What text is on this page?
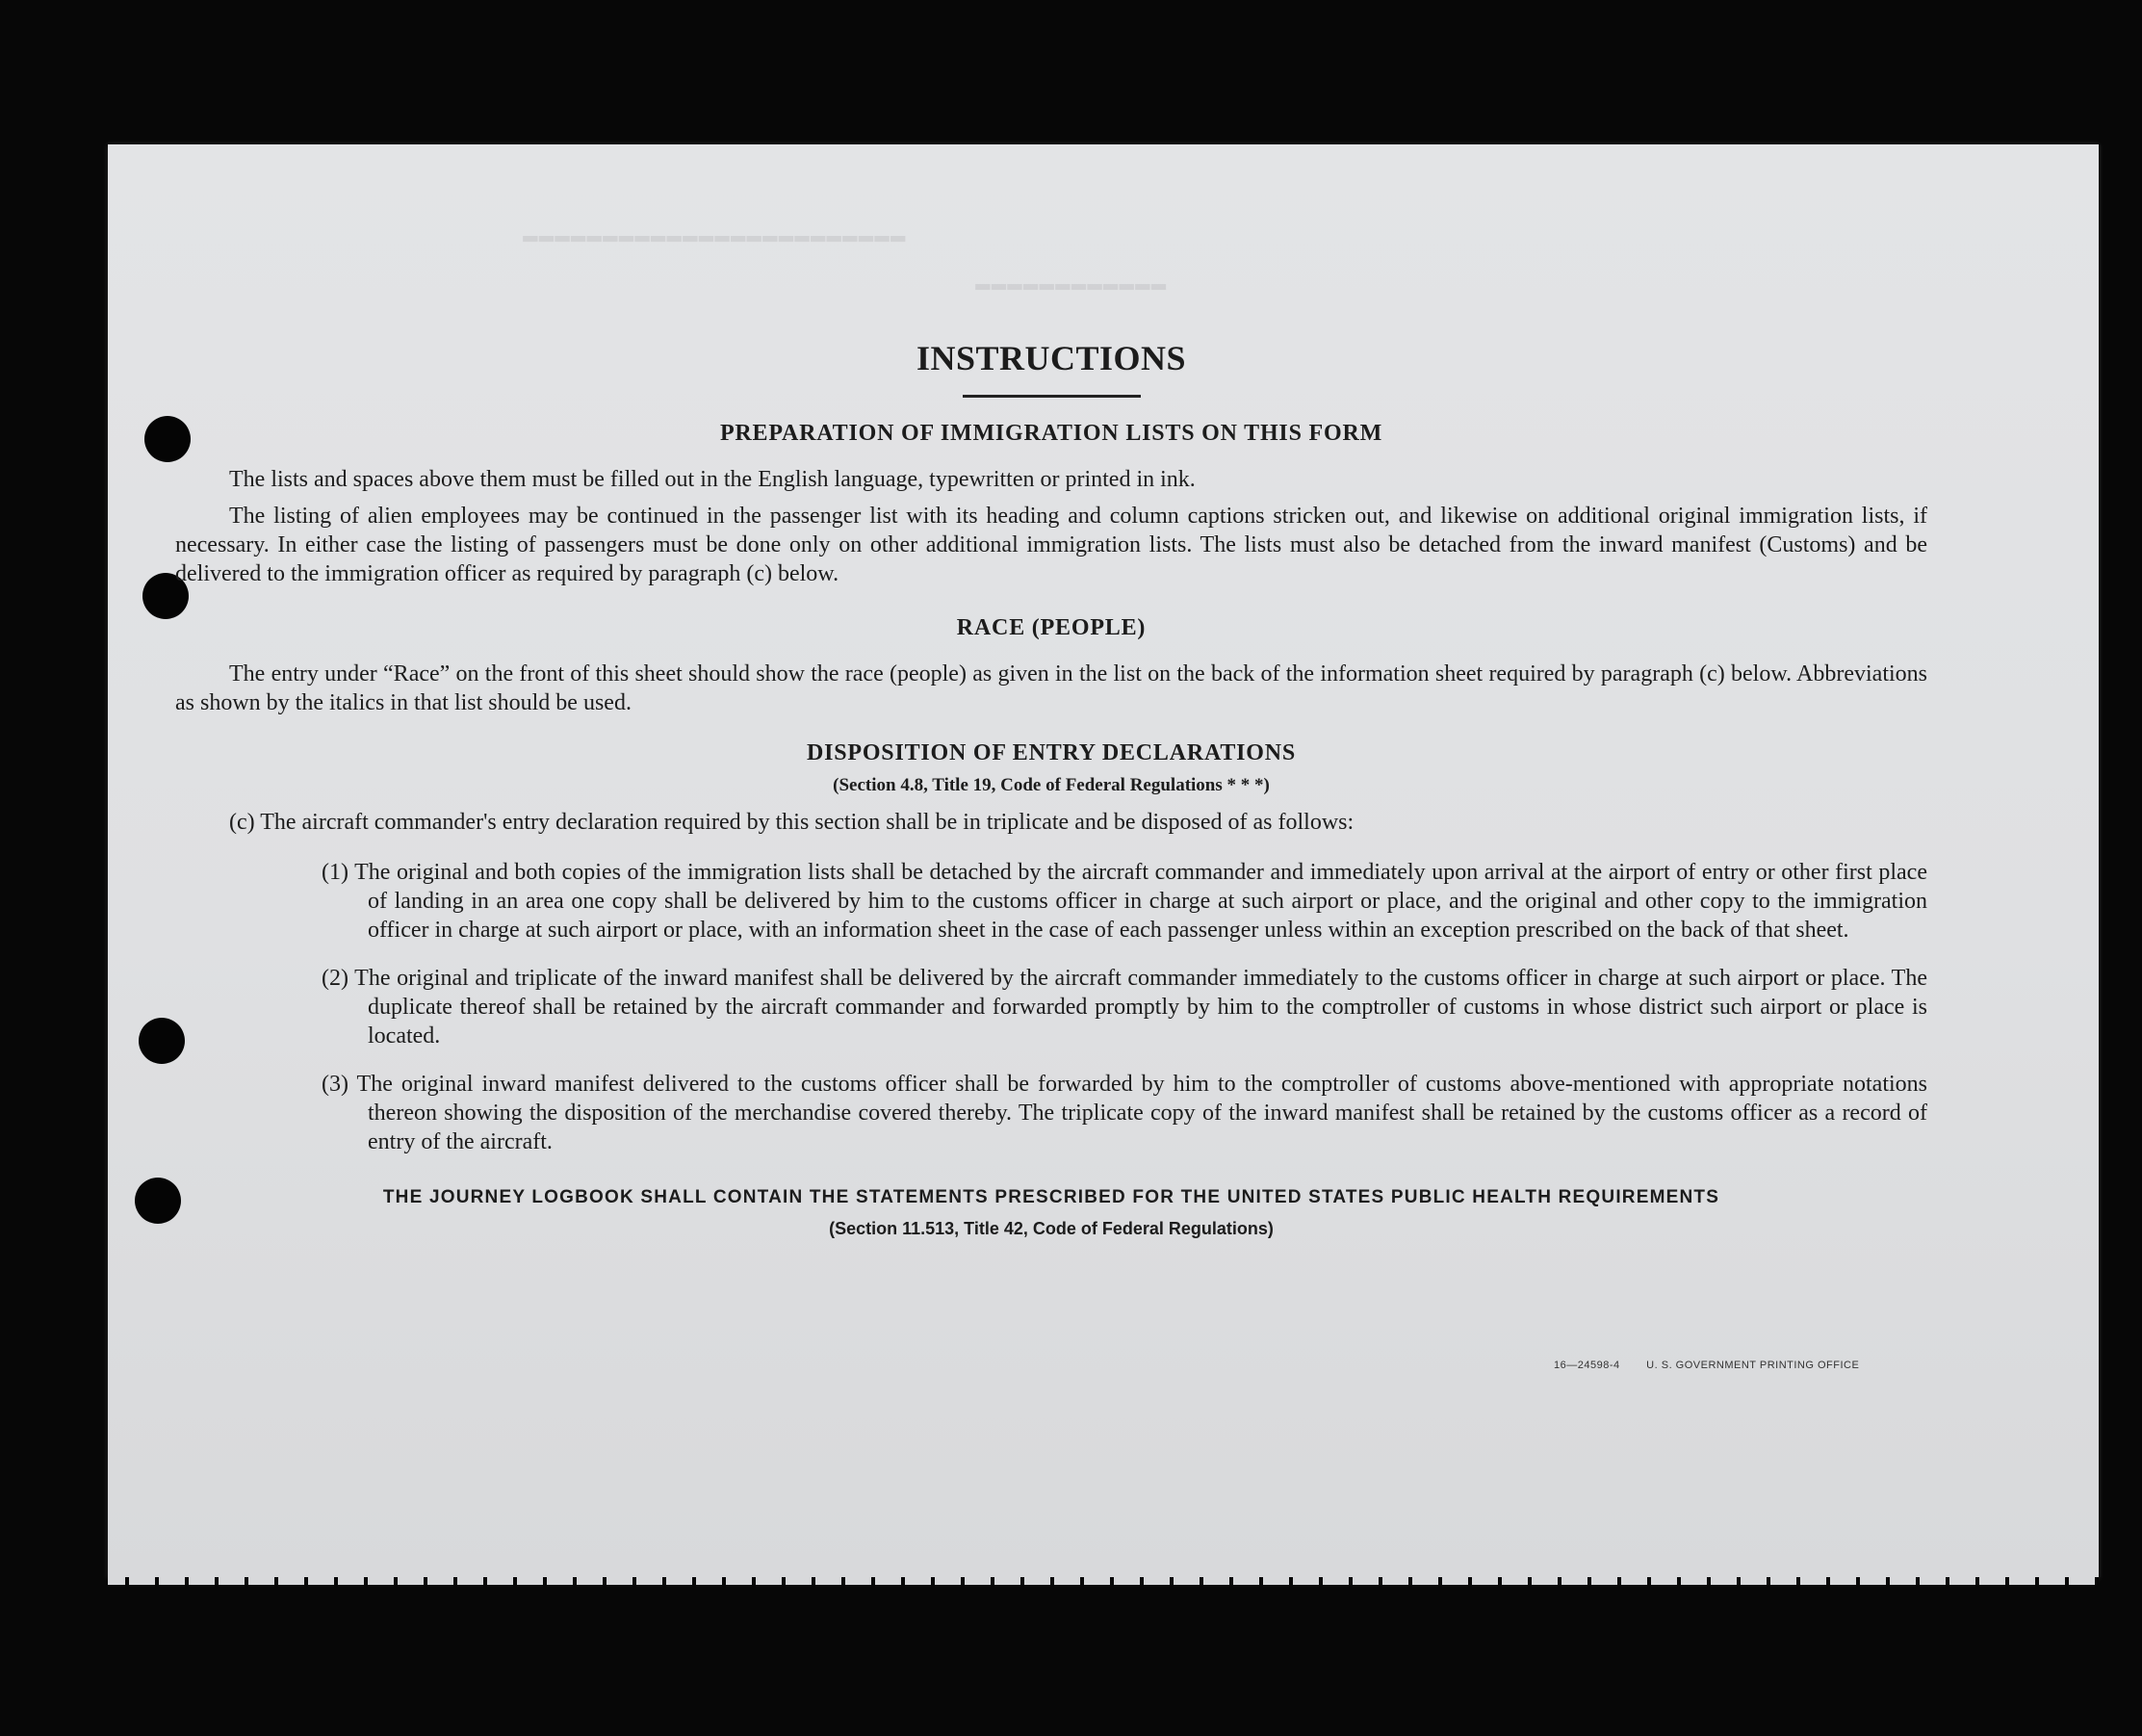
▬▬▬▬▬▬▬▬▬▬▬▬▬▬▬▬▬▬▬▬▬▬▬▬
▬▬▬▬▬▬▬▬▬▬▬▬
INSTRUCTIONS
PREPARATION OF IMMIGRATION LISTS ON THIS FORM

The lists and spaces above them must be filled out in the English language, typewritten or printed in ink.

The listing of alien employees may be continued in the passenger list with its heading and column captions stricken out, and likewise on additional original immigration lists, if necessary. In either case the listing of passengers must be done only on other additional immigration lists. The lists must also be detached from the inward manifest (Customs) and be delivered to the immigration officer as required by paragraph (c) below.

RACE (PEOPLE)

The entry under “Race” on the front of this sheet should show the race (people) as given in the list on the back of the information sheet required by paragraph (c) below. Abbreviations as shown by the italics in that list should be used.

DISPOSITION OF ENTRY DECLARATIONS
(Section 4.8, Title 19, Code of Federal Regulations * * *)

(c) The aircraft commander's entry declaration required by this section shall be in triplicate and be disposed of as follows:

(1) The original and both copies of the immigration lists shall be detached by the aircraft commander and immediately upon arrival at the airport of entry or other first place of landing in an area one copy shall be delivered by him to the customs officer in charge at such airport or place, and the original and other copy to the immigration officer in charge at such airport or place, with an information sheet in the case of each passenger unless within an exception prescribed on the back of that sheet.

(2) The original and triplicate of the inward manifest shall be delivered by the aircraft commander immediately to the customs officer in charge at such airport or place. The duplicate thereof shall be retained by the aircraft commander and forwarded promptly by him to the comptroller of customs in whose district such airport or place is located.

(3) The original inward manifest delivered to the customs officer shall be forwarded by him to the comptroller of customs above-mentioned with appropriate notations thereon showing the disposition of the merchandise covered thereby. The triplicate copy of the inward manifest shall be retained by the customs officer as a record of entry of the aircraft.

THE JOURNEY LOGBOOK SHALL CONTAIN THE STATEMENTS PRESCRIBED FOR THE UNITED STATES PUBLIC HEALTH REQUIREMENTS
(Section 11.513, Title 42, Code of Federal Regulations)
16—24598-4	U. S. GOVERNMENT PRINTING OFFICE
